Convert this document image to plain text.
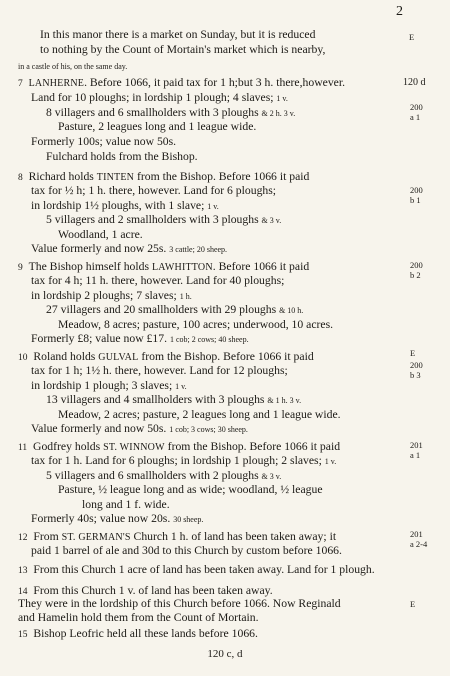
2
In this manor there is a market on Sunday, but it is reduced
to nothing by the Count of Mortain's market which is nearby,
in a castle of his, on the same day.
E
7 LANHERNE. Before 1066, it paid tax for 1 h;but 3 h. there,however.	120 d
Land for 10 ploughs; in lordship 1 plough; 4 slaves; 1 v.
8 villagers and 6 smallholders with 3 ploughs & 2 h. 3 v.
Pasture, 2 leagues long and 1 league wide.
Formerly 100s; value now 50s.
Fulchard holds from the Bishop.
200
a 1
8 Richard holds TINTEN from the Bishop. Before 1066 it paid
tax for ½ h; 1 h. there, however. Land for 6 ploughs;
in lordship 1½ ploughs, with 1 slave; 1 v.
5 villagers and 2 smallholders with 3 ploughs & 3 v.
Woodland, 1 acre.
Value formerly and now 25s. 3 cattle; 20 sheep.
200
b 1
9 The Bishop himself holds LAWHITTON. Before 1066 it paid
tax for 4 h; 11 h. there, however. Land for 40 ploughs;
in lordship 2 ploughs; 7 slaves; 1 h.
27 villagers and 20 smallholders with 29 ploughs & 10 h.
Meadow, 8 acres; pasture, 100 acres; underwood, 10 acres.
Formerly £8; value now £17. 1 cob; 2 cows; 40 sheep.
200
b 2
10 Roland holds GULVAL from the Bishop. Before 1066 it paid
tax for 1 h; 1½ h. there, however. Land for 12 ploughs;
in lordship 1 plough; 3 slaves; 1 v.
13 villagers and 4 smallholders with 3 ploughs & 1 h. 3 v.
Meadow, 2 acres; pasture, 2 leagues long and 1 league wide.
Value formerly and now 50s. 1 cob; 3 cows; 30 sheep.
E
200
b 3
11 Godfrey holds ST. WINNOW from the Bishop. Before 1066 it paid
tax for 1 h. Land for 6 ploughs; in lordship 1 plough; 2 slaves; 1 v.
5 villagers and 6 smallholders with 2 ploughs & 3 v.
Pasture, ½ league long and as wide; woodland, ½ league
long and 1 f. wide.
Formerly 40s; value now 20s. 30 sheep.
201
a 1
12 From ST. GERMAN'S Church 1 h. of land has been taken away; it
paid 1 barrel of ale and 30d to this Church by custom before 1066.
201
a 2-4
13 From this Church 1 acre of land has been taken away. Land for 1 plough.
14 From this Church 1 v. of land has been taken away.
They were in the lordship of this Church before 1066. Now Reginald
and Hamelin hold them from the Count of Mortain.
E
15 Bishop Leofric held all these lands before 1066.
120 c, d
